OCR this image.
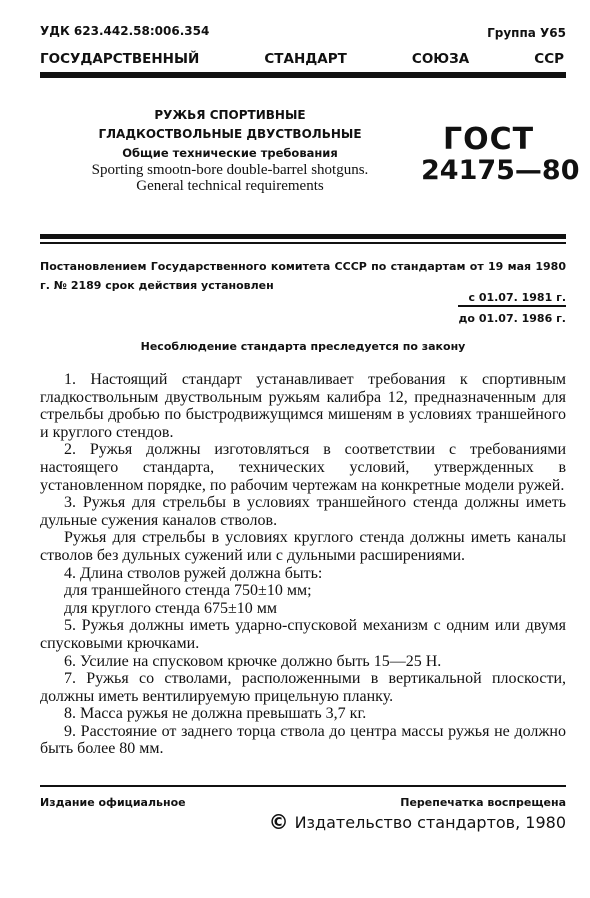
УДК 623.442.58:006.354	Группа У65
ГОСУДАРСТВЕННЫЙ	СТАНДАРТ	СОЮЗА	ССР
РУЖЬЯ СПОРТИВНЫЕ
ГЛАДКОСТВОЛЬНЫЕ ДВУСТВОЛЬНЫЕ
Общие технические требования
Sporting smootn-bore double-barrel shotguns.
General technical requirements
ГОСТ
24175—80
Постановлением Государственного комитета СССР по стандартам от 19 мая 1980 г. № 2189 срок действия установлен
с 01.07. 1981 г.
до 01.07. 1986 г.
Несоблюдение стандарта преследуется по закону

1. Настоящий стандарт устанавливает требования к спортивным гладкоствольным двуствольным ружьям калибра 12, предназначенным для стрельбы дробью по быстродвижущимся мишеням в условиях траншейного и круглого стендов.

2. Ружья должны изготовляться в соответствии с требованиями настоящего стандарта, технических условий, утвержденных в установленном порядке, по рабочим чертежам на конкретные модели ружей.

3. Ружья для стрельбы в условиях траншейного стенда должны иметь дульные сужения каналов стволов.

Ружья для стрельбы в условиях круглого стенда должны иметь каналы стволов без дульных сужений или с дульными расширениями.

4. Длина стволов ружей должна быть:

для траншейного стенда 750±10 мм;

для круглого стенда 675±10 мм

5. Ружья должны иметь ударно-спусковой механизм с одним или двумя спусковыми крючками.

6. Усилие на спусковом крючке должно быть 15—25 Н.

7. Ружья со стволами, расположенными в вертикальной плоскости, должны иметь вентилируемую прицельную планку.

8. Масса ружья не должна превышать 3,7 кг.

9. Расстояние от заднего торца ствола до центра массы ружья не должно быть более 80 мм.

Издание официальное	Перепечатка воспрещена
© Издательство стандартов, 1980
